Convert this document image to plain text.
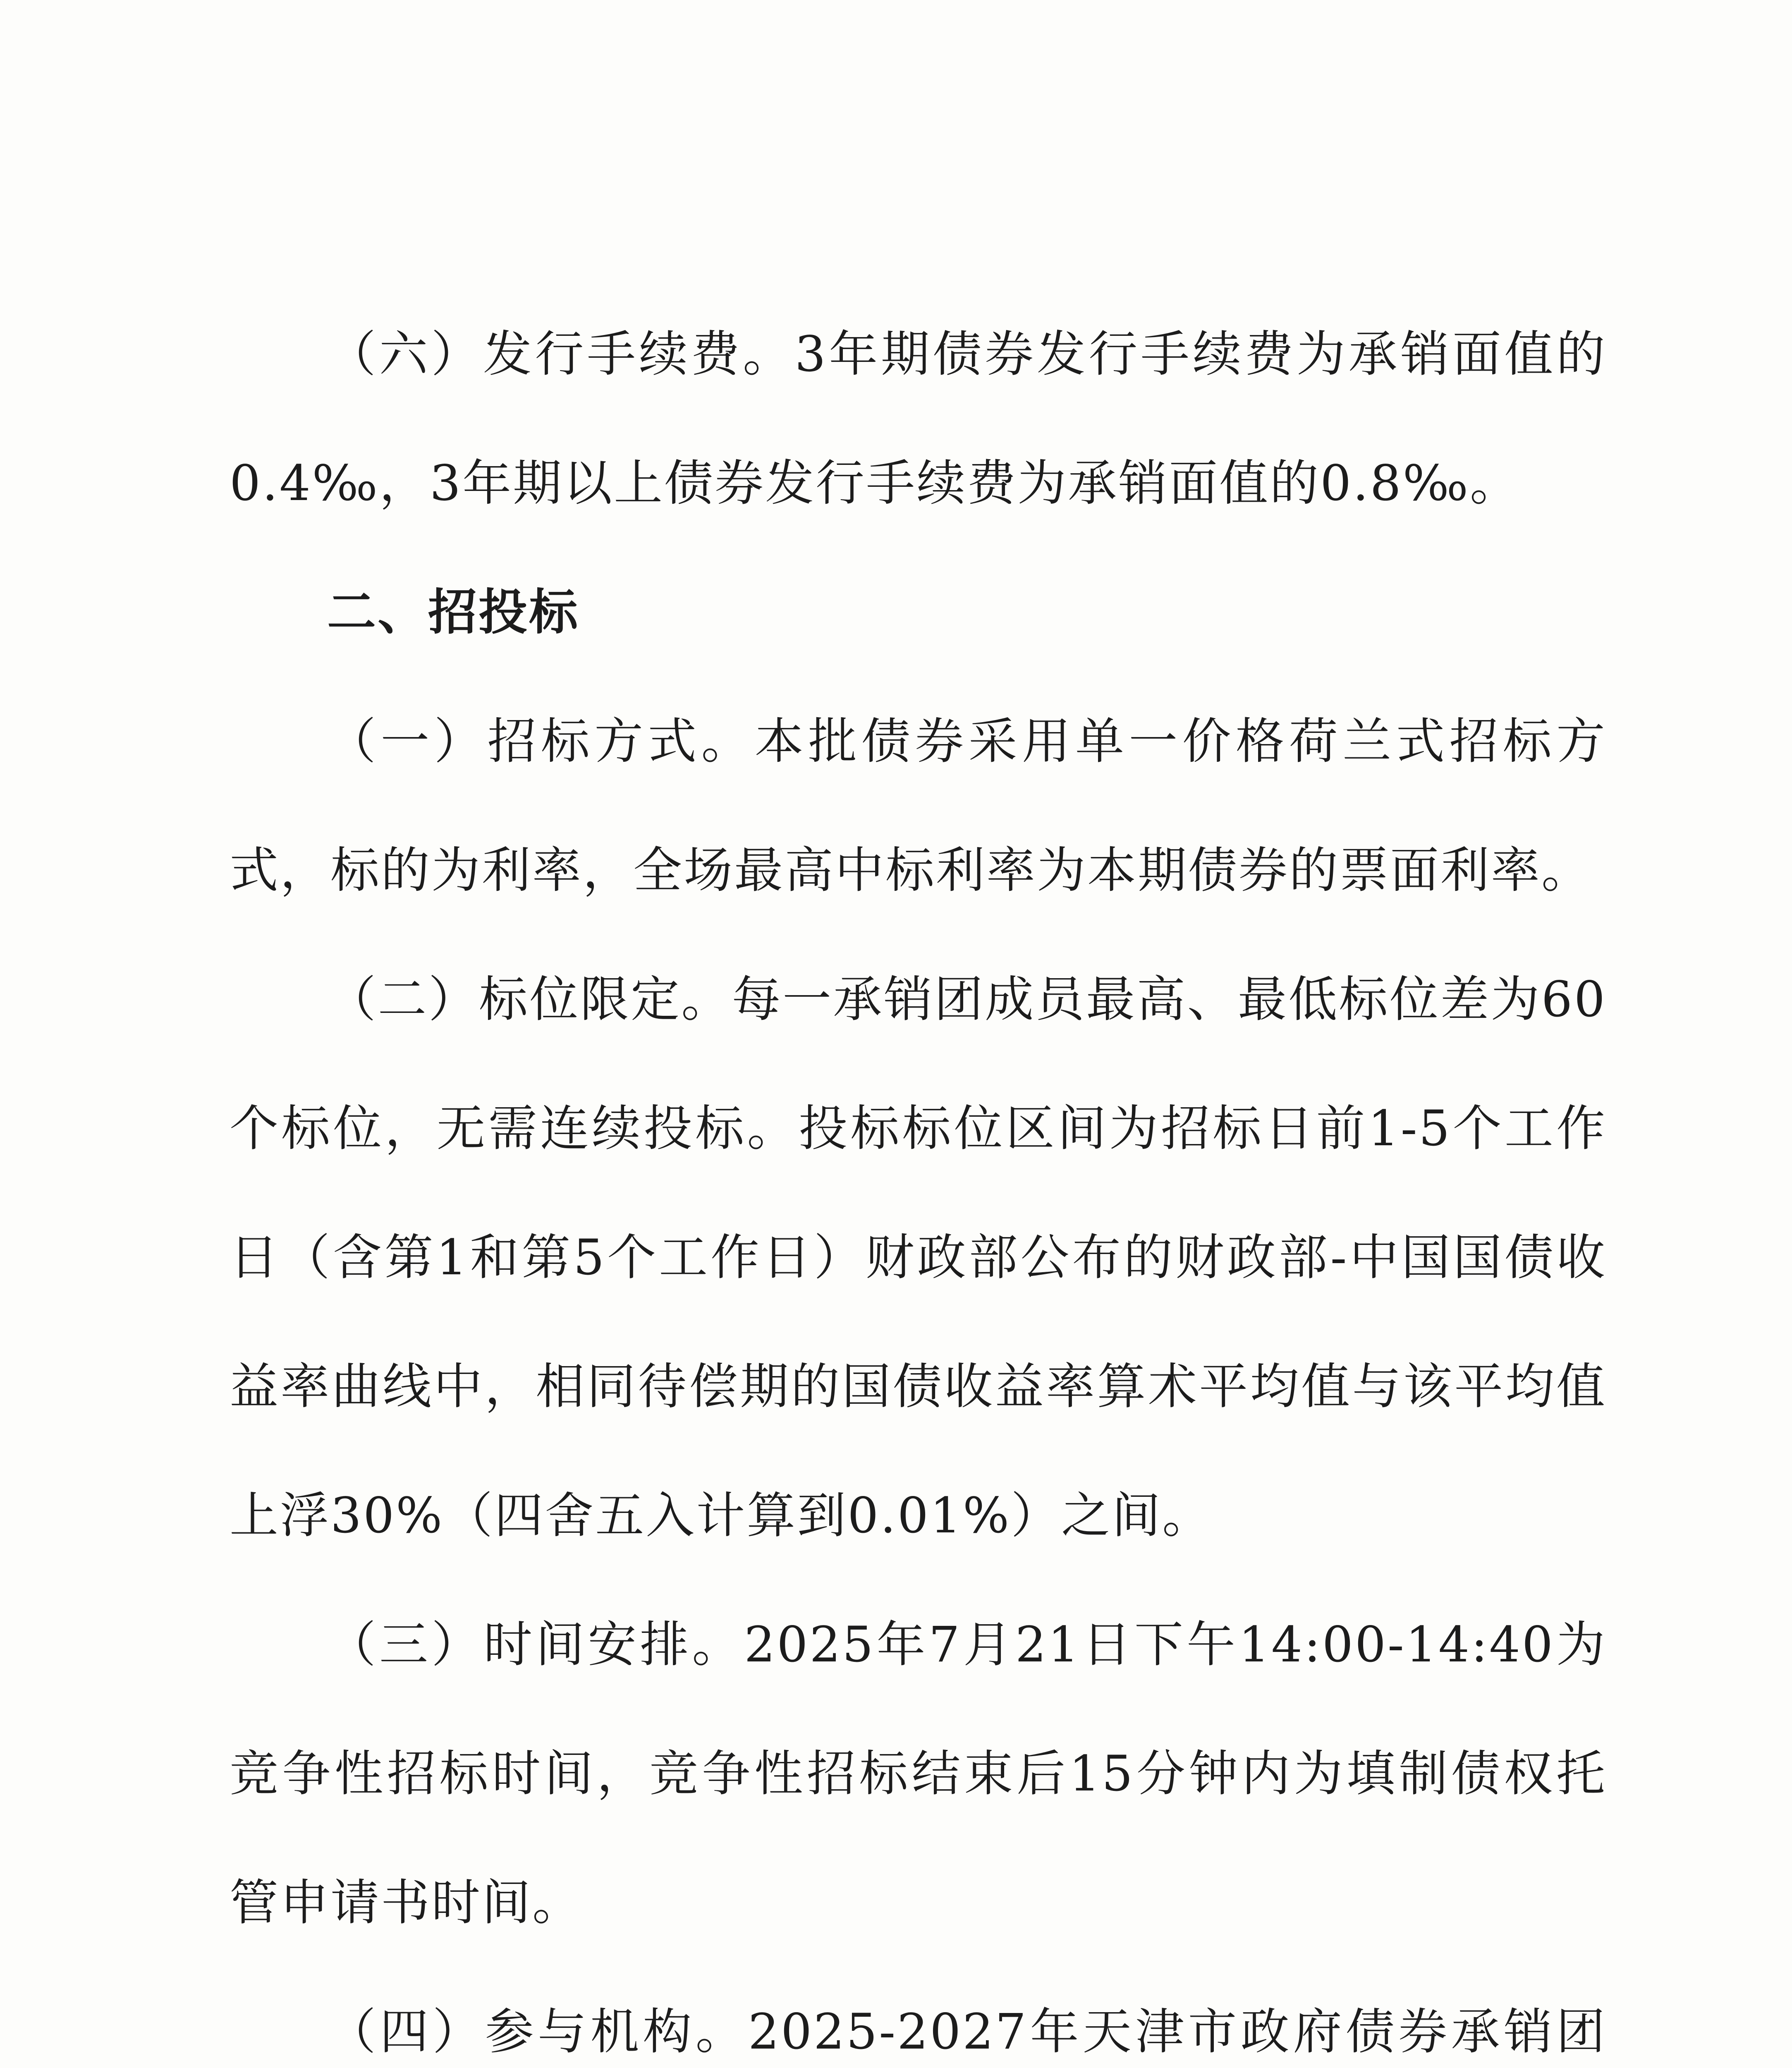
（六）发行手续费。3年期债券发行手续费为承销面值的0.4‰，3年期以上债券发行手续费为承销面值的0.8‰。

二、招投标

（一）招标方式。本批债券采用单一价格荷兰式招标方式，标的为利率，全场最高中标利率为本期债券的票面利率。

（二）标位限定。每一承销团成员最高、最低标位差为60个标位，无需连续投标。投标标位区间为招标日前1-5个工作日（含第1和第5个工作日）财政部公布的财政部-中国国债收益率曲线中，相同待偿期的国债收益率算术平均值与该平均值上浮30%（四舍五入计算到0.01%）之间。

（三）时间安排。2025年7月21日下午14:00-14:40为竞争性招标时间，竞争性招标结束后15分钟内为填制债权托管申请书时间。

（四）参与机构。2025-2027年天津市政府债券承销团
